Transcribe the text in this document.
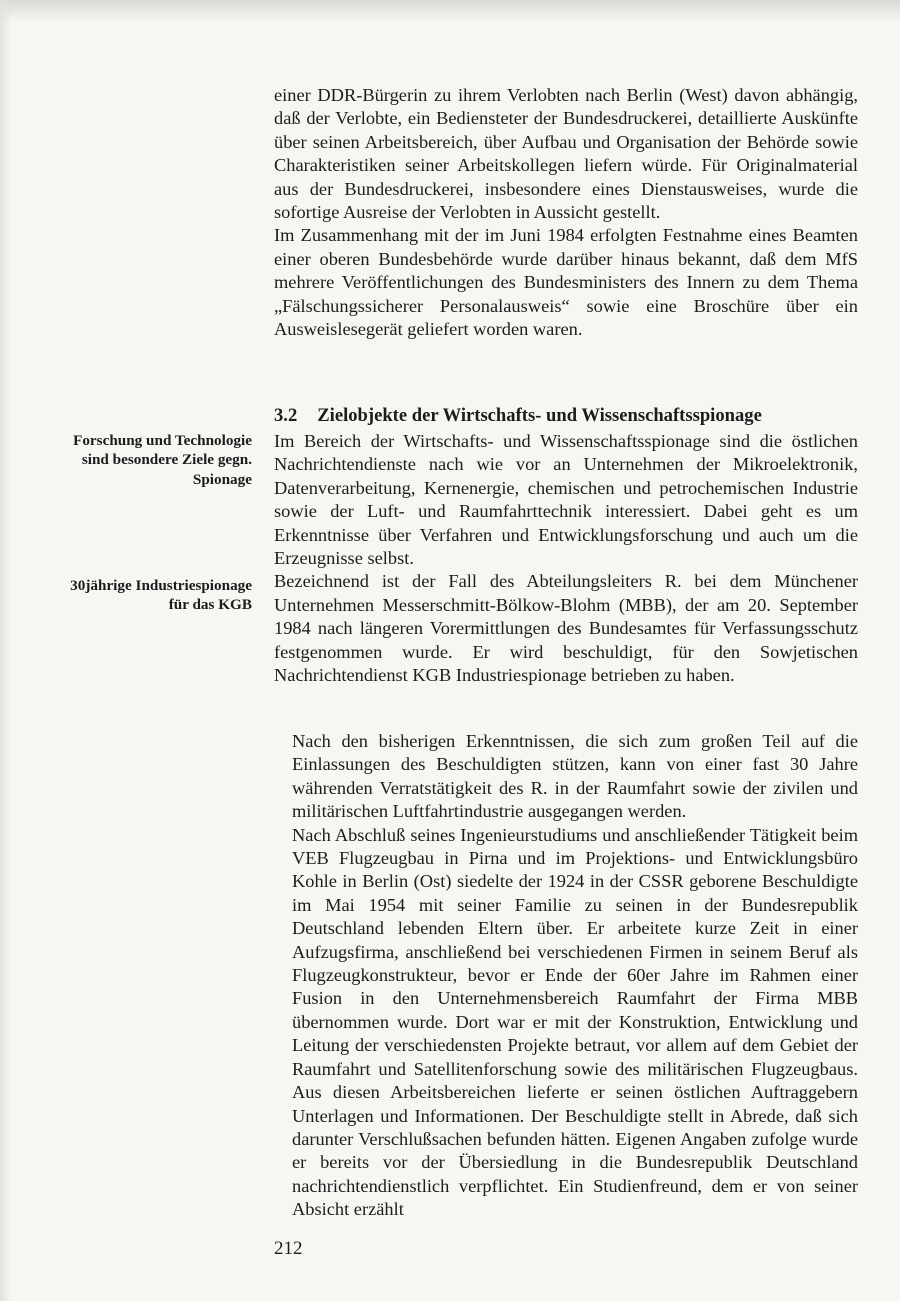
einer DDR-Bürgerin zu ihrem Verlobten nach Berlin (West) davon abhängig, daß der Verlobte, ein Bediensteter der Bundesdruckerei, detaillierte Auskünfte über seinen Arbeitsbereich, über Aufbau und Organisation der Behörde sowie Charakteristiken seiner Arbeitskollegen liefern würde. Für Originalmaterial aus der Bundesdruckerei, insbesondere eines Dienstausweises, wurde die sofortige Ausreise der Verlobten in Aussicht gestellt.

Im Zusammenhang mit der im Juni 1984 erfolgten Festnahme eines Beamten einer oberen Bundesbehörde wurde darüber hinaus bekannt, daß dem MfS mehrere Veröffentlichungen des Bundesministers des Innern zu dem Thema „Fälschungssicherer Personalausweis“ sowie eine Broschüre über ein Ausweislesegerät geliefert worden waren.

3.2 Zielobjekte der Wirtschafts- und Wissenschaftsspionage
Forschung und Technologie sind besondere Ziele gegn. Spionage
30jährige Industriespionage für das KGB

Im Bereich der Wirtschafts- und Wissenschaftsspionage sind die östlichen Nachrichtendienste nach wie vor an Unternehmen der Mikroelektronik, Datenverarbeitung, Kernenergie, chemischen und petrochemischen Industrie sowie der Luft- und Raumfahrttechnik interessiert. Dabei geht es um Erkenntnisse über Verfahren und Entwicklungsforschung und auch um die Erzeugnisse selbst.

Bezeichnend ist der Fall des Abteilungsleiters R. bei dem Münchener Unternehmen Messerschmitt-Bölkow-Blohm (MBB), der am 20. September 1984 nach längeren Vorermittlungen des Bundesamtes für Verfassungsschutz festgenommen wurde. Er wird beschuldigt, für den Sowjetischen Nachrichtendienst KGB Industriespionage betrieben zu haben.

Nach den bisherigen Erkenntnissen, die sich zum großen Teil auf die Einlassungen des Beschuldigten stützen, kann von einer fast 30 Jahre währenden Verratstätigkeit des R. in der Raumfahrt sowie der zivilen und militärischen Luftfahrtindustrie ausgegangen werden.

Nach Abschluß seines Ingenieurstudiums und anschließender Tätigkeit beim VEB Flugzeugbau in Pirna und im Projektions- und Entwicklungsbüro Kohle in Berlin (Ost) siedelte der 1924 in der CSSR geborene Beschuldigte im Mai 1954 mit seiner Familie zu seinen in der Bundesrepublik Deutschland lebenden Eltern über. Er arbeitete kurze Zeit in einer Aufzugsfirma, anschließend bei verschiedenen Firmen in seinem Beruf als Flugzeugkonstrukteur, bevor er Ende der 60er Jahre im Rahmen einer Fusion in den Unternehmensbereich Raumfahrt der Firma MBB übernommen wurde. Dort war er mit der Konstruktion, Entwicklung und Leitung der verschiedensten Projekte betraut, vor allem auf dem Gebiet der Raumfahrt und Satellitenforschung sowie des militärischen Flugzeugbaus. Aus diesen Arbeitsbereichen lieferte er seinen östlichen Auftraggebern Unterlagen und Informationen. Der Beschuldigte stellt in Abrede, daß sich darunter Verschlußsachen befunden hätten. Eigenen Angaben zufolge wurde er bereits vor der Übersiedlung in die Bundesrepublik Deutschland nachrichtendienstlich verpflichtet. Ein Studienfreund, dem er von seiner Absicht erzählt

212
